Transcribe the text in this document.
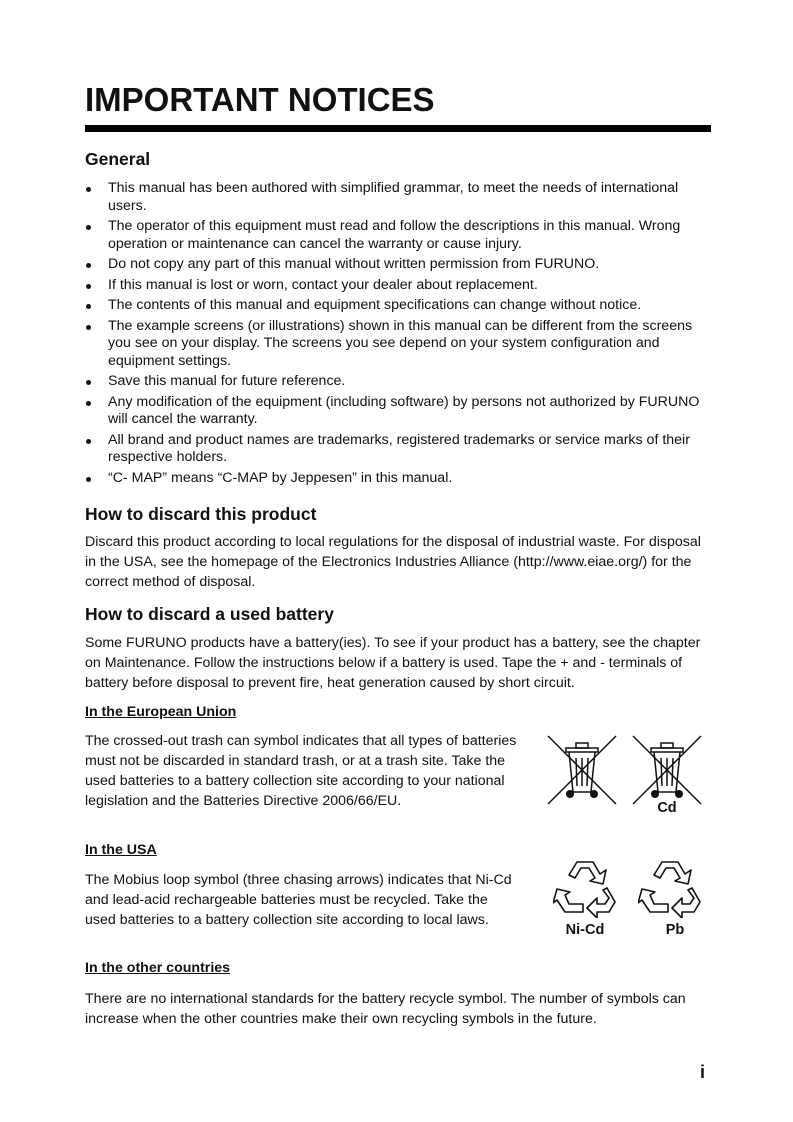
IMPORTANT NOTICES
General
This manual has been authored with simplified grammar, to meet the needs of international users.
The operator of this equipment must read and follow the descriptions in this manual. Wrong operation or maintenance can cancel the warranty or cause injury.
Do not copy any part of this manual without written permission from FURUNO.
If this manual is lost or worn, contact your dealer about replacement.
The contents of this manual and equipment specifications can change without notice.
The example screens (or illustrations) shown in this manual can be different from the screens you see on your display. The screens you see depend on your system configuration and equipment settings.
Save this manual for future reference.
Any modification of the equipment (including software) by persons not authorized by FURUNO will cancel the warranty.
All brand and product names are trademarks, registered trademarks or service marks of their respective holders.
“C- MAP” means “C-MAP by Jeppesen” in this manual.
How to discard this product

Discard this product according to local regulations for the disposal of industrial waste. For disposal in the USA, see the homepage of the Electronics Industries Alliance (http://www.eiae.org/) for the correct method of disposal.

How to discard a used battery

Some FURUNO products have a battery(ies). To see if your product has a battery, see the chapter on Maintenance. Follow the instructions below if a battery is used. Tape the + and - terminals of battery before disposal to prevent fire, heat generation caused by short circuit.

In the European Union

The crossed-out trash can symbol indicates that all types of batteries must not be discarded in standard trash, or at a trash site. Take the used batteries to a battery collection site according to your national legislation and the Batteries Directive 2006/66/EU.	Cd
In the USA

The Mobius loop symbol (three chasing arrows) indicates that Ni-Cd and lead-acid rechargeable batteries must be recycled. Take the used batteries to a battery collection site according to local laws.

Ni-Cd	Pb
In the other countries

There are no international standards for the battery recycle symbol. The number of symbols can increase when the other countries make their own recycling symbols in the future.

i
